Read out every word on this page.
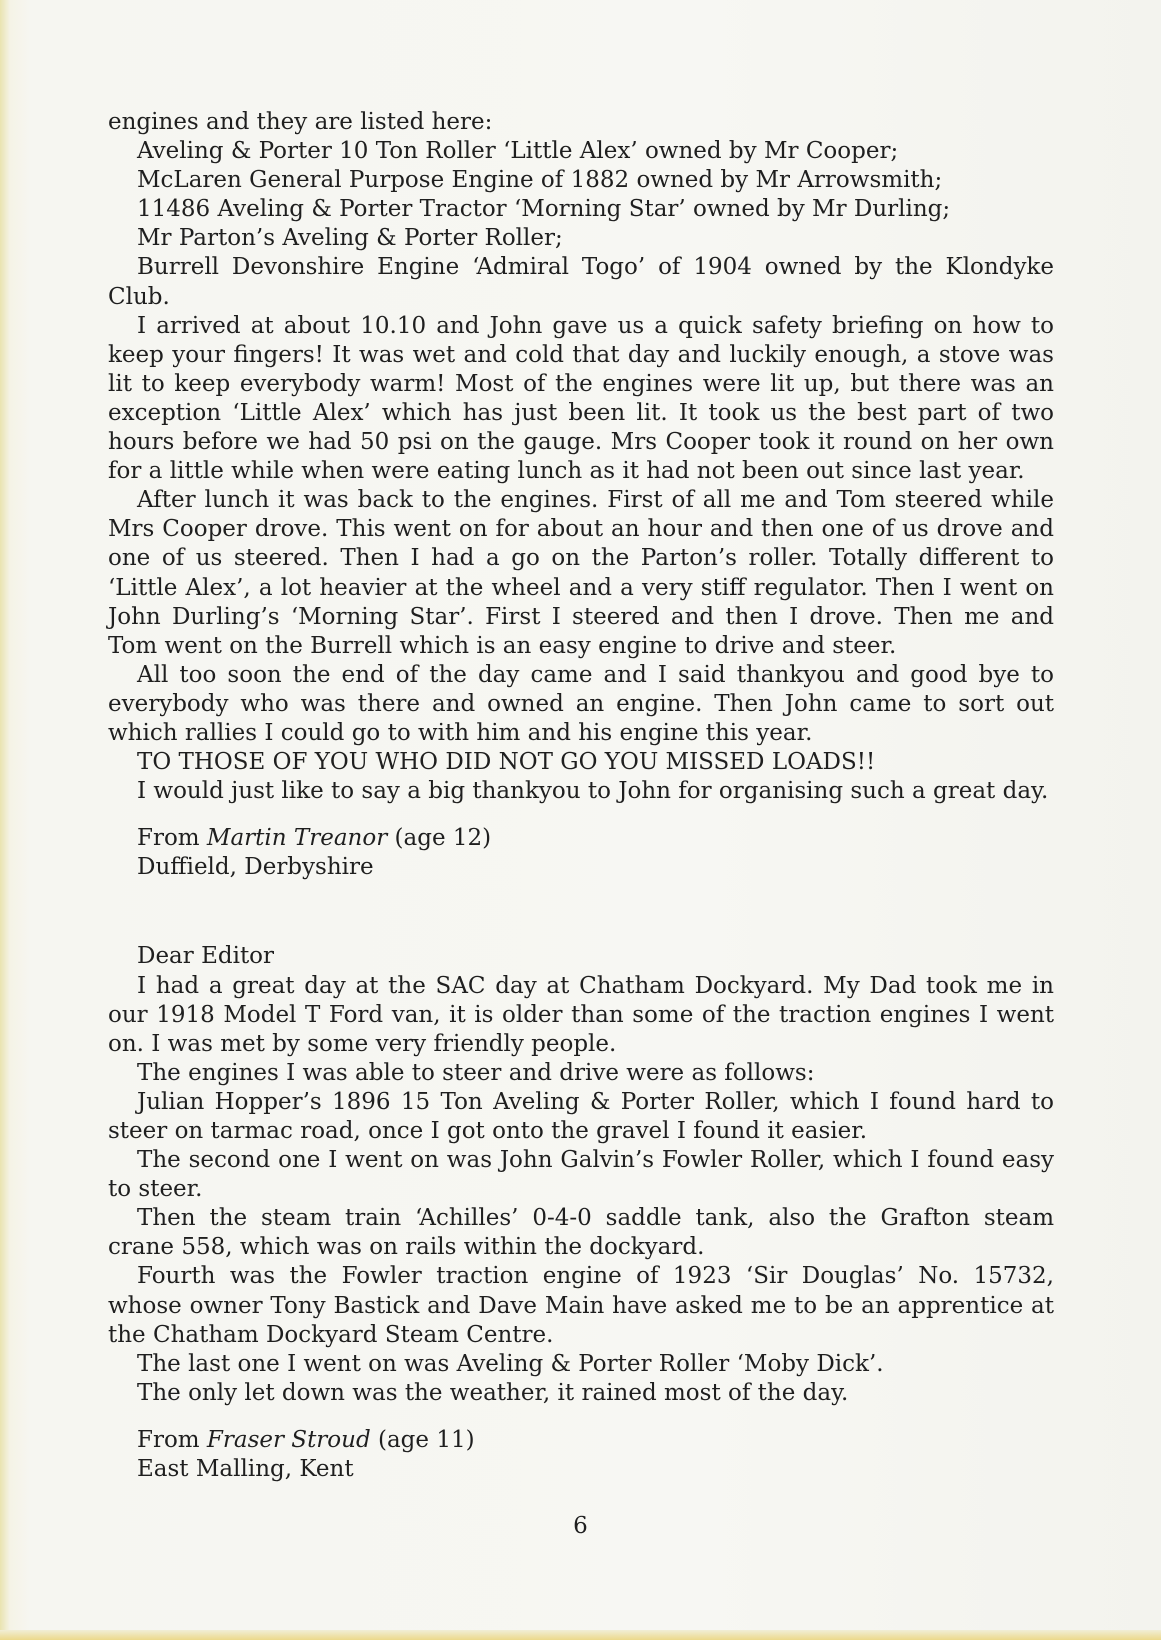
engines and they are listed here:

Aveling & Porter 10 Ton Roller ‘Little Alex’ owned by Mr Cooper;

McLaren General Purpose Engine of 1882 owned by Mr Arrowsmith;

11486 Aveling & Porter Tractor ‘Morning Star’ owned by Mr Durling;

Mr Parton’s Aveling & Porter Roller;

Burrell Devonshire Engine ‘Admiral Togo’ of 1904 owned by the Klondyke Club.

I arrived at about 10.10 and John gave us a quick safety briefing on how to keep your fingers! It was wet and cold that day and luckily enough, a stove was lit to keep everybody warm! Most of the engines were lit up, but there was an exception ‘Little Alex’ which has just been lit. It took us the best part of two hours before we had 50 psi on the gauge. Mrs Cooper took it round on her own for a little while when were eating lunch as it had not been out since last year.

After lunch it was back to the engines. First of all me and Tom steered while Mrs Cooper drove. This went on for about an hour and then one of us drove and one of us steered. Then I had a go on the Parton’s roller. Totally different to ‘Little Alex’, a lot heavier at the wheel and a very stiff regulator. Then I went on John Durling’s ‘Morning Star’. First I steered and then I drove. Then me and Tom went on the Burrell which is an easy engine to drive and steer.

All too soon the end of the day came and I said thankyou and good bye to everybody who was there and owned an engine. Then John came to sort out which rallies I could go to with him and his engine this year.

TO THOSE OF YOU WHO DID NOT GO YOU MISSED LOADS!!

I would just like to say a big thankyou to John for organising such a great day.

From Martin Treanor (age 12)

Duffield, Derbyshire

Dear Editor

I had a great day at the SAC day at Chatham Dockyard. My Dad took me in our 1918 Model T Ford van, it is older than some of the traction engines I went on. I was met by some very friendly people.

The engines I was able to steer and drive were as follows:

Julian Hopper’s 1896 15 Ton Aveling & Porter Roller, which I found hard to steer on tarmac road, once I got onto the gravel I found it easier.

The second one I went on was John Galvin’s Fowler Roller, which I found easy to steer.

Then the steam train ‘Achilles’ 0-4-0 saddle tank, also the Grafton steam crane 558, which was on rails within the dockyard.

Fourth was the Fowler traction engine of 1923 ‘Sir Douglas’ No. 15732, whose owner Tony Bastick and Dave Main have asked me to be an apprentice at the Chatham Dockyard Steam Centre.

The last one I went on was Aveling & Porter Roller ‘Moby Dick’.

The only let down was the weather, it rained most of the day.

From Fraser Stroud (age 11)

East Malling, Kent

6
